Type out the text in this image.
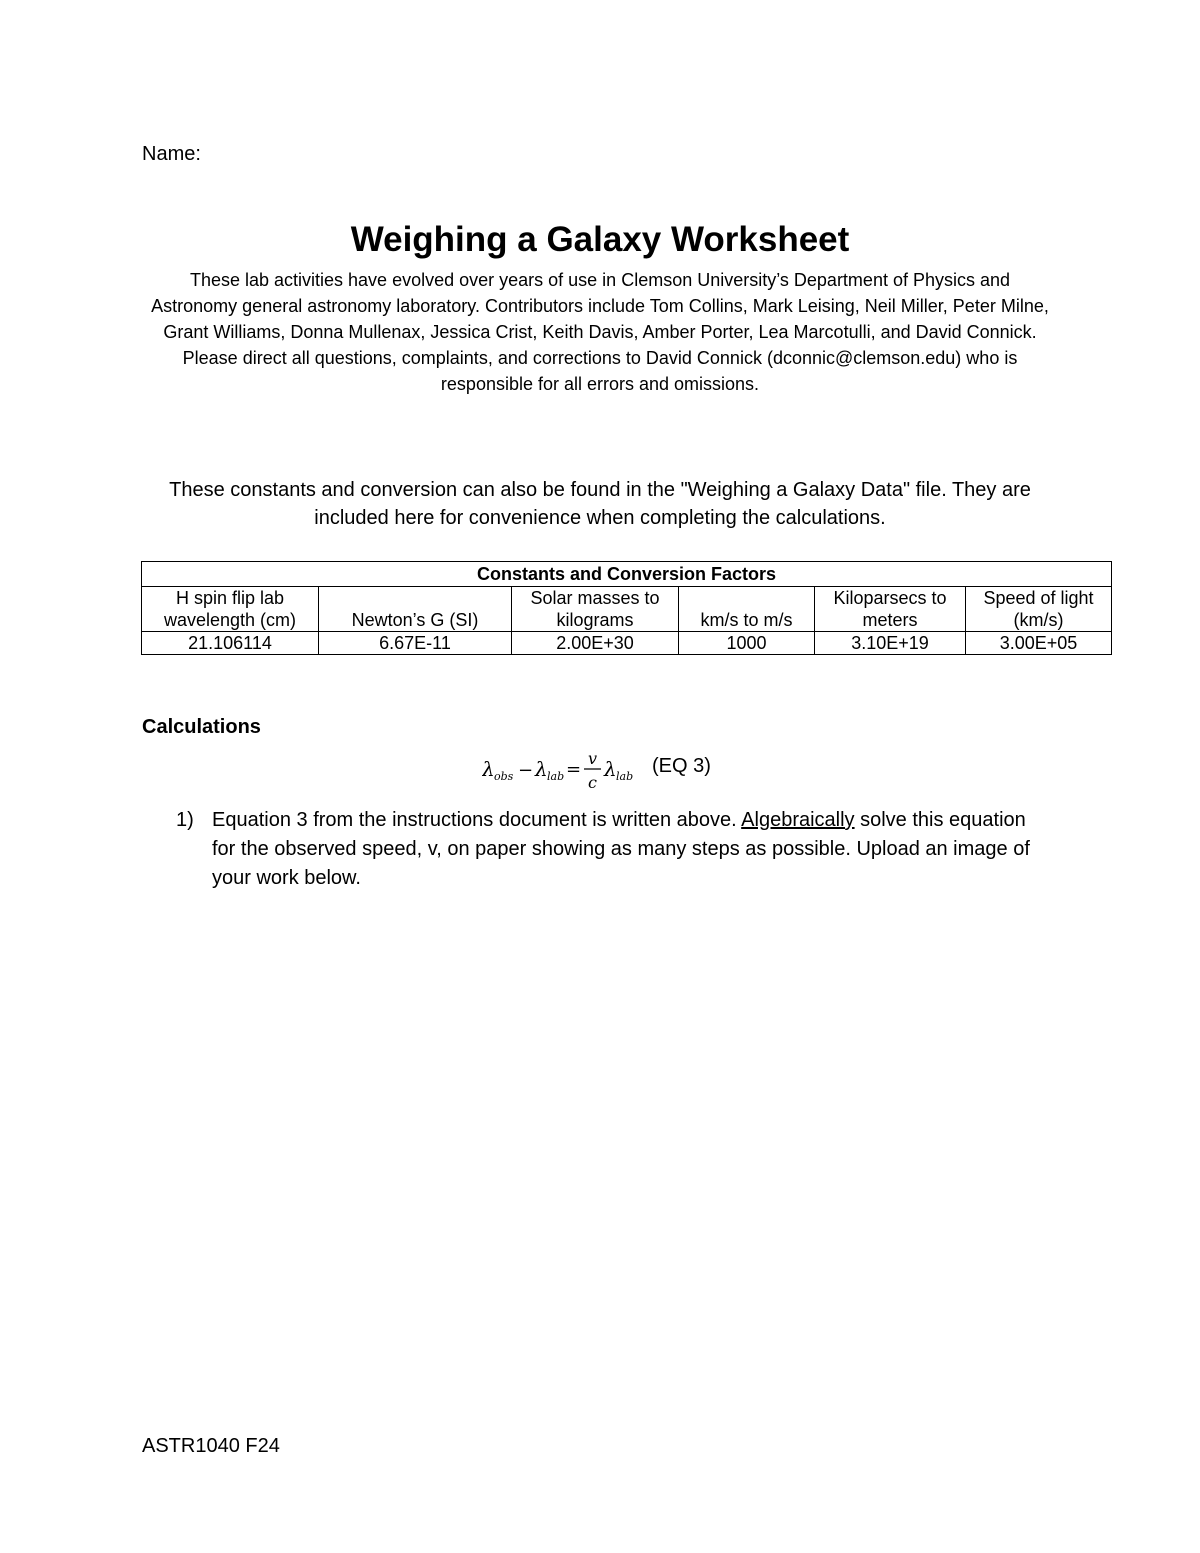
Name:
Weighing a Galaxy Worksheet
These lab activities have evolved over years of use in Clemson University’s Department of Physics and Astronomy general astronomy laboratory. Contributors include Tom Collins, Mark Leising, Neil Miller, Peter Milne, Grant Williams, Donna Mullenax, Jessica Crist, Keith Davis, Amber Porter, Lea Marcotulli, and David Connick. Please direct all questions, complaints, and corrections to David Connick (dconnic@clemson.edu) who is responsible for all errors and omissions.
These constants and conversion can also be found in the "Weighing a Galaxy Data" file. They are included here for convenience when completing the calculations.
Constants and Conversion Factors					
H spin flip lab wavelength (cm)	Newton’s G (SI)	Solar masses to kilograms	km/s to m/s	Kiloparsecs to meters	Speed of light (km/s)
21.106114	6.67E-11	2.00E+30	1000	3.10E+19	3.00E+05
Calculations
λ obs − λ lab =
v
c
λ lab (EQ 3)
1) Equation 3 from the instructions document is written above. Algebraically solve this equation for the observed speed, v, on paper showing as many steps as possible. Upload an image of your work below.
ASTR1040 F24
